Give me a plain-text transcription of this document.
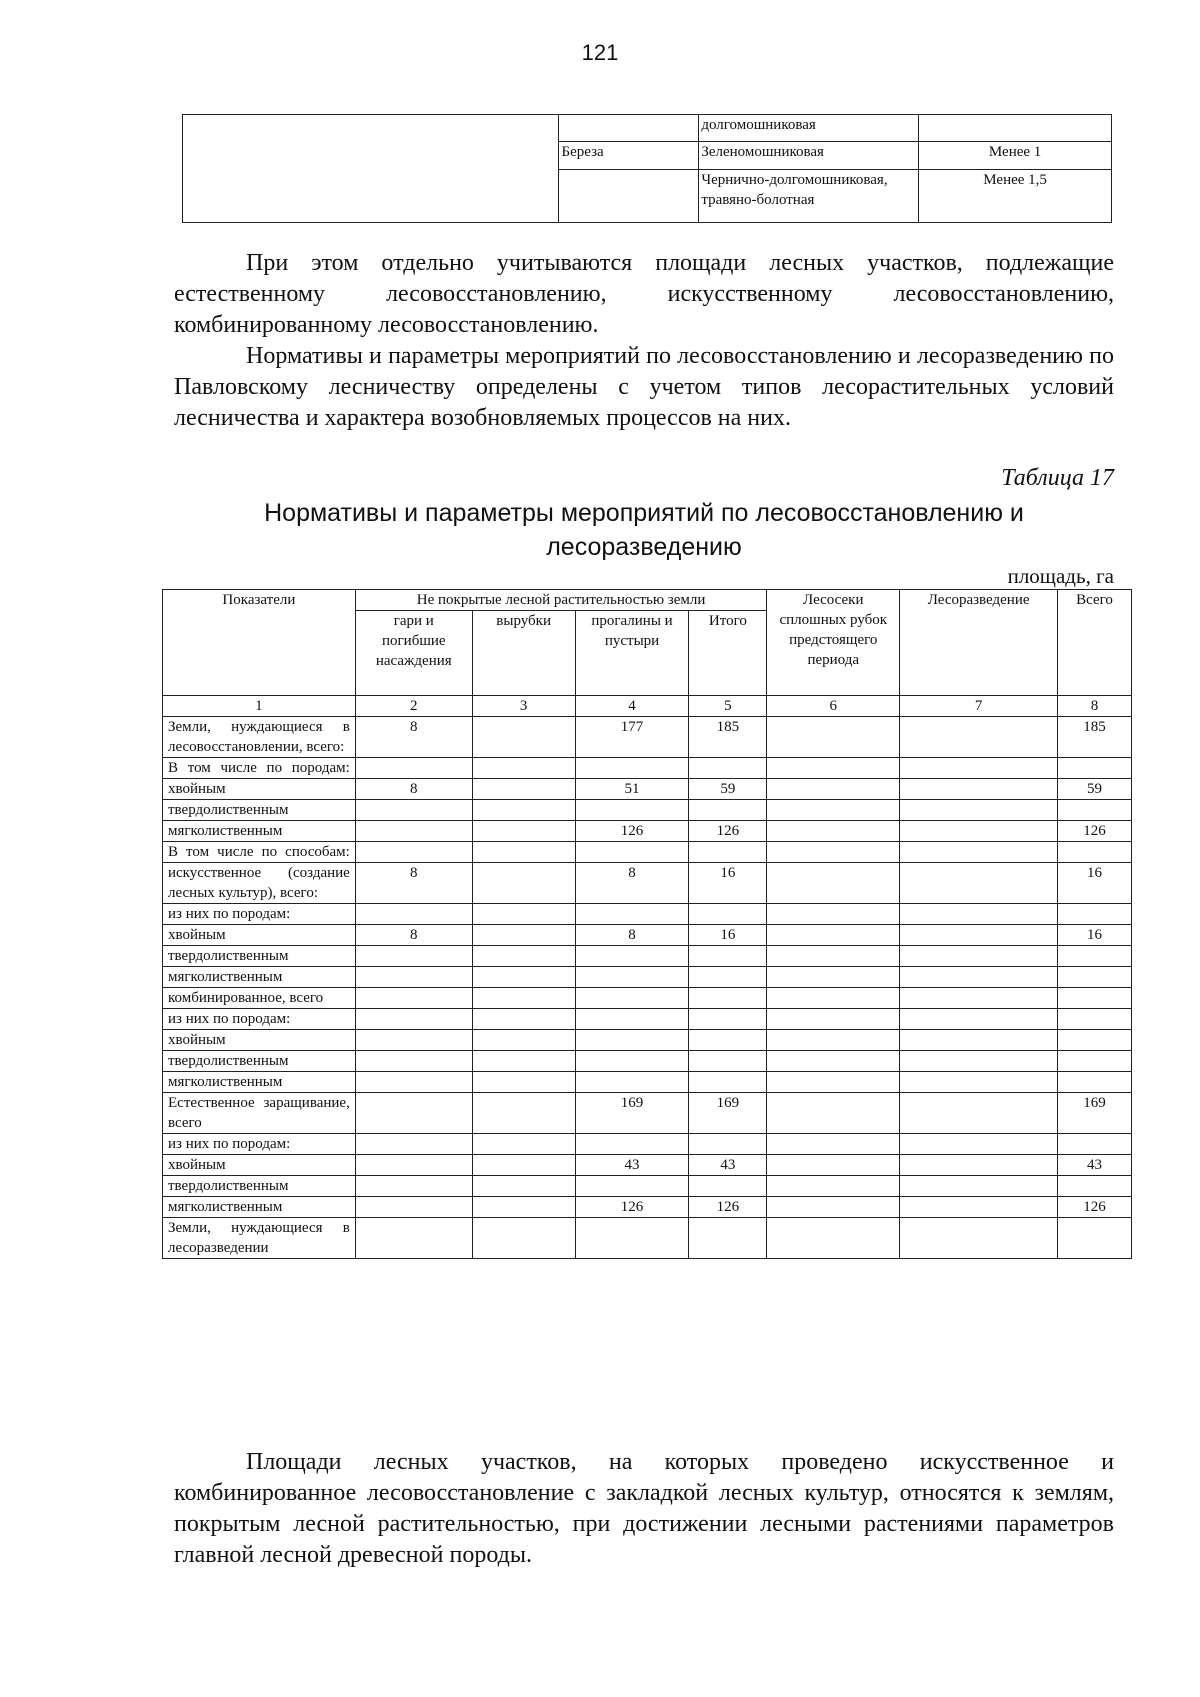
121
		долгомошниковая	
	Береза	Зеленомошниковая	Менее 1
		Чернично-долгомошниковая, травяно-болотная	Менее 1,5
При этом отдельно учитываются площади лесных участков, подлежащие естественному лесовосстановлению, искусственному лесовосстановлению, комбинированному лесовосстановлению.
Нормативы и параметры мероприятий по лесовосстановлению и лесоразведению по Павловскому лесничеству определены с учетом типов лесорастительных условий лесничества и характера возобновляемых процессов на них.
Таблица 17
Нормативы и параметры мероприятий по лесовосстановлению и лесоразведению
площадь, га
Показатели	Не покрытые лесной растительностью земли				Лесосеки сплошных рубок предстоящего периода	Лесоразведение	Всего
	гари и погибшие насаждения	вырубки	прогалины и пустыри	Итого			
1	2	3	4	5	6	7	8
Земли, нуждающиеся в лесовосстановлении, всего:	8		177	185			185
В том числе по породам:							
хвойным	8		51	59			59
твердолиственным							
мягколиственным			126	126			126
В том числе по способам:							
искусственное (создание лесных культур), всего:	8		8	16			16
из них по породам:							
хвойным	8		8	16			16
твердолиственным							
мягколиственным							
комбинированное, всего							
из них по породам:							
хвойным							
твердолиственным							
мягколиственным							
Естественное заращивание, всего			169	169			169
из них по породам:							
хвойным			43	43			43
твердолиственным							
мягколиственным			126	126			126
Земли, нуждающиеся в лесоразведении							
Площади лесных участков, на которых проведено искусственное и комбинированное лесовосстановление с закладкой лесных культур, относятся к землям, покрытым лесной растительностью, при достижении лесными растениями параметров главной лесной древесной породы.
